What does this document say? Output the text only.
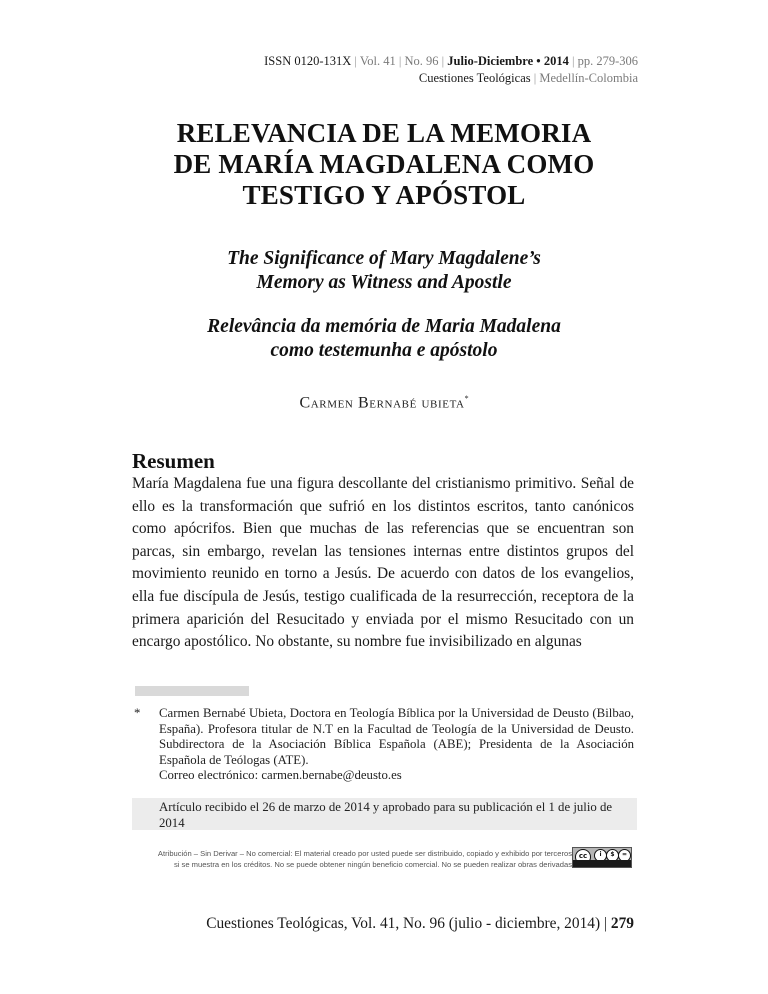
ISSN 0120-131X | Vol. 41 | No. 96 | Julio-Diciembre • 2014 | pp. 279-306
Cuestiones Teológicas | Medellín-Colombia
RELEVANCIA DE LA MEMORIA
DE MARÍA MAGDALENA COMO
TESTIGO Y APÓSTOL
The Significance of Mary Magdalene’s
Memory as Witness and Apostle
Relevância da memória de Maria Madalena
como testemunha e apóstolo
Carmen Bernabé ubieta*
Resumen
María Magdalena fue una figura descollante del cristianismo primitivo. Señal de ello es la transformación que sufrió en los distintos escritos, tanto canónicos como apócrifos. Bien que muchas de las referencias que se encuentran son parcas, sin embargo, revelan las tensiones internas entre distintos grupos del movimiento reunido en torno a Jesús. De acuerdo con datos de los evangelios, ella fue discípula de Jesús, testigo cualificada de la resurrección, receptora de la primera aparición del Resucitado y enviada por el mismo Resucitado con un encargo apostólico. No obstante, su nombre fue invisibilizado en algunas
* Carmen Bernabé Ubieta, Doctora en Teología Bíblica por la Universidad de Deusto (Bilbao, España). Profesora titular de N.T en la Facultad de Teología de la Universidad de Deusto. Subdirectora de la Asociación Bíblica Española (ABE); Presidenta de la Asociación Española de Teólogas (ATE).
Correo electrónico: carmen.bernabe@deusto.es
Artículo recibido el 26 de marzo de 2014 y aprobado para su publicación el 1 de julio de 2014
Atribución – Sin Derivar – No comercial: El material creado por usted puede ser distribuido, copiado y exhibido por terceros
si se muestra en los créditos. No se puede obtener ningún beneficio comercial. No se pueden realizar obras derivadas
cc	i	$	=
Cuestiones Teológicas, Vol. 41, No. 96 (julio - diciembre, 2014) | 279
